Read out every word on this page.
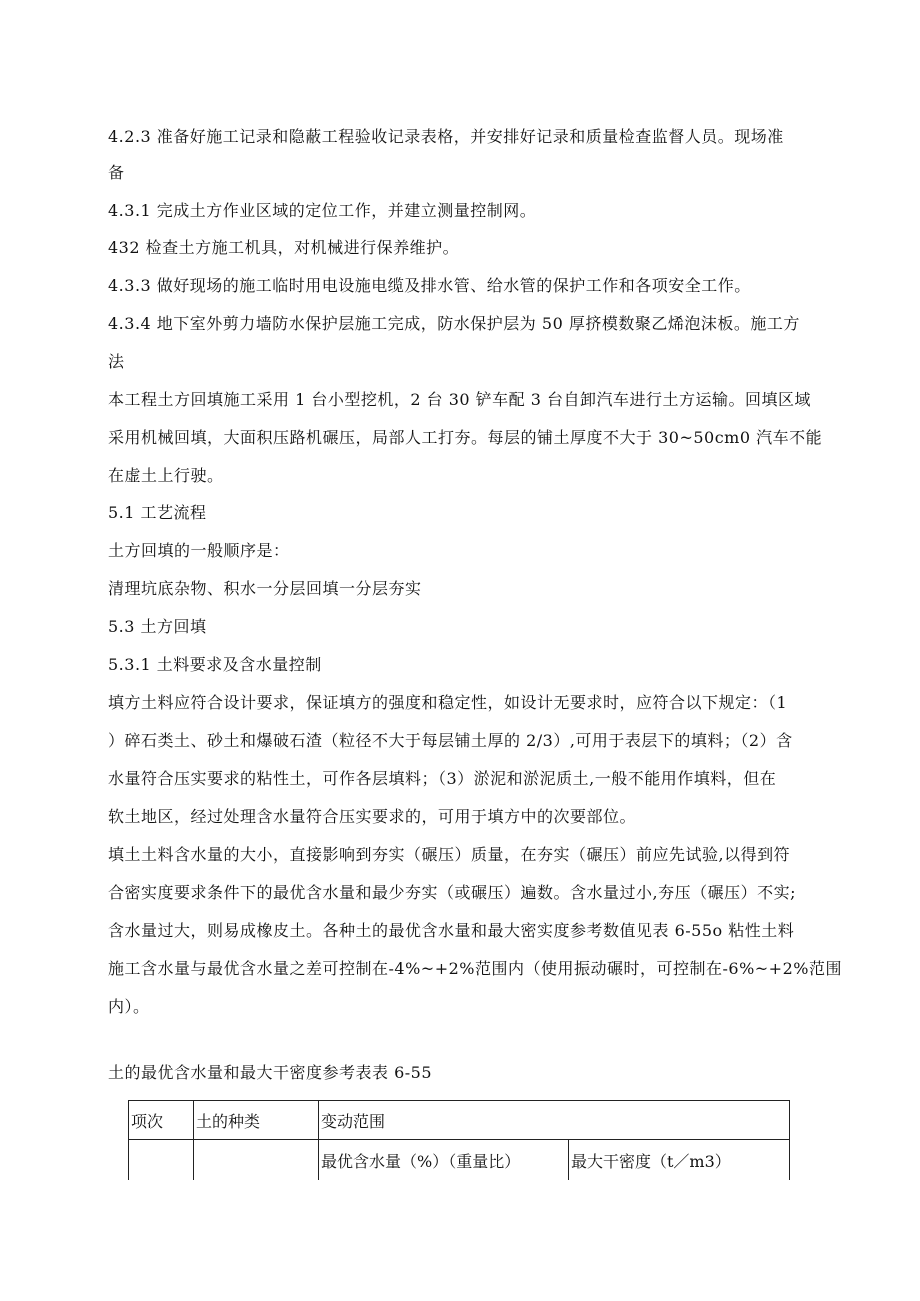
4.2.3 准备好施工记录和隐蔽工程验收记录表格，并安排好记录和质量检查监督人员。现场准
备
4.3.1 完成土方作业区域的定位工作，并建立测量控制网。
432 检查土方施工机具，对机械进行保养维护。
4.3.3 做好现场的施工临时用电设施电缆及排水管、给水管的保护工作和各项安全工作。
4.3.4 地下室外剪力墙防水保护层施工完成，防水保护层为 50 厚挤模数聚乙烯泡沫板。施工方
法
本工程土方回填施工采用 1 台小型挖机，2 台 30 铲车配 3 台自卸汽车进行土方运输。回填区域
采用机械回填，大面积压路机碾压，局部人工打夯。每层的铺土厚度不大于 30~50cm0 汽车不能
在虚土上行驶。
5.1 工艺流程
土方回填的一般顺序是：
清理坑底杂物、积水一分层回填一分层夯实
5.3 土方回填
5.3.1 土料要求及含水量控制
填方土料应符合设计要求，保证填方的强度和稳定性，如设计无要求时，应符合以下规定：（1
）碎石类土、砂土和爆破石渣（粒径不大于每层铺土厚的 2/3）,可用于表层下的填料；（2）含
水量符合压实要求的粘性土，可作各层填料；（3）淤泥和淤泥质土,一般不能用作填料，但在
软土地区，经过处理含水量符合压实要求的，可用于填方中的次要部位。
填土土料含水量的大小，直接影响到夯实（碾压）质量，在夯实（碾压）前应先试验,以得到符
合密实度要求条件下的最优含水量和最少夯实（或碾压）遍数。含水量过小,夯压（碾压）不实;
含水量过大，则易成橡皮土。各种土的最优含水量和最大密实度参考数值见表 6-55o 粘性土料
施工含水量与最优含水量之差可控制在-4%~+2%范围内（使用振动碾时，可控制在-6%~+2%范围
内）。
土的最优含水量和最大干密度参考表表 6-55
项次	土的种类	变动范围	
		最优含水量（%）（重量比）	最大干密度（t／m3）
